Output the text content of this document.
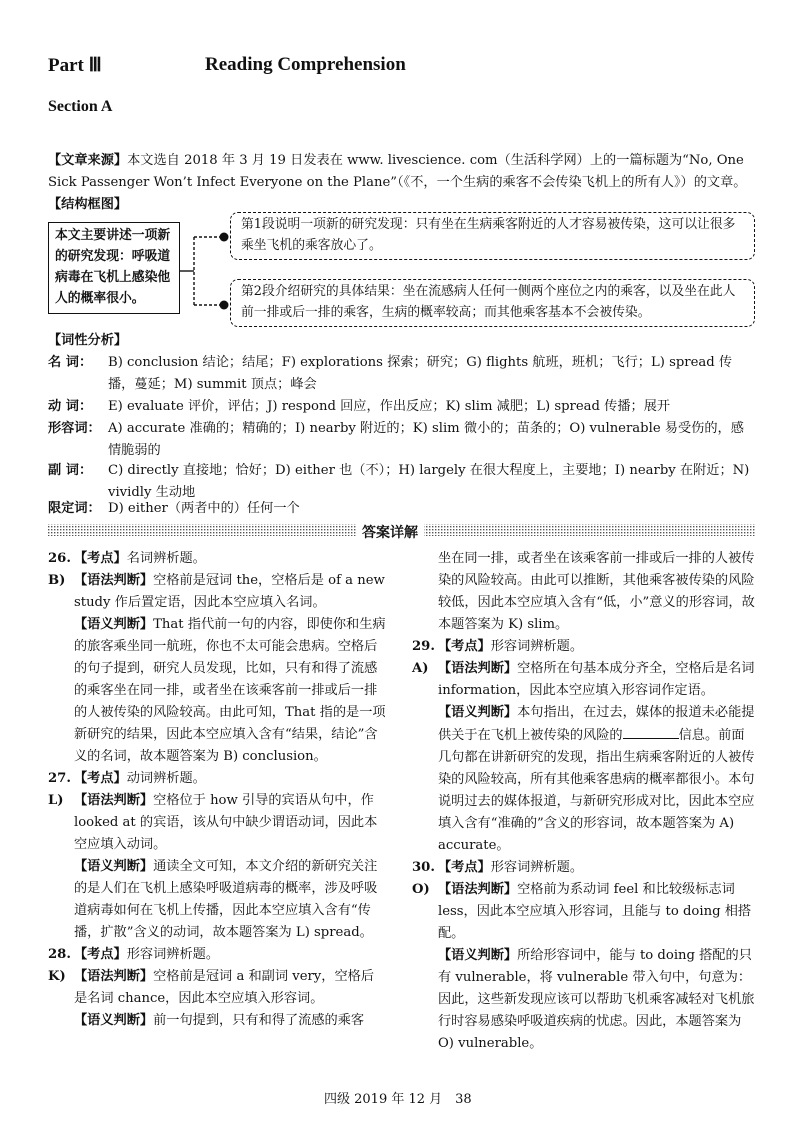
Part Ⅲ	Reading Comprehension
Section A
【文章来源】本文选自 2018 年 3 月 19 日发表在 www. livescience. com（生活科学网）上的一篇标题为“No, One Sick Passenger Won’t Infect Everyone on the Plane”（《不，一个生病的乘客不会传染飞机上的所有人》）的文章。
【结构框图】
本文主要讲述一项新的研究发现：呼吸道病毒在飞机上感染他人的概率很小。
第1段说明一项新的研究发现：只有坐在生病乘客附近的人才容易被传染，这可以让很多乘坐飞机的乘客放心了。
第2段介绍研究的具体结果：坐在流感病人任何一侧两个座位之内的乘客，以及坐在此人前一排或后一排的乘客，生病的概率较高；而其他乘客基本不会被传染。
【词性分析】
名 词： B) conclusion 结论；结尾；F) explorations 探索；研究；G) flights 航班，班机；飞行；L) spread 传播，蔓延；M) summit 顶点；峰会
动 词： E) evaluate 评价，评估；J) respond 回应，作出反应；K) slim 减肥；L) spread 传播；展开
形容词： A) accurate 准确的；精确的；I) nearby 附近的；K) slim 微小的；苗条的；O) vulnerable 易受伤的，感情脆弱的
副 词： C) directly 直接地；恰好；D) either 也（不）；H) largely 在很大程度上，主要地；I) nearby 在附近；N) vividly 生动地
限定词： D) either（两者中的）任何一个
答案详解
26. 【考点】名词辨析题。
B) 【语法判断】空格前是冠词 the，空格后是 of a new study 作后置定语，因此本空应填入名词。
【语义判断】That 指代前一句的内容，即使你和生病的旅客乘坐同一航班，你也不太可能会患病。空格后的句子提到，研究人员发现，比如，只有和得了流感的乘客坐在同一排，或者坐在该乘客前一排或后一排的人被传染的风险较高。由此可知，That 指的是一项新研究的结果，因此本空应填入含有“结果，结论”含义的名词，故本题答案为 B) conclusion。
27. 【考点】动词辨析题。
L) 【语法判断】空格位于 how 引导的宾语从句中，作 looked at 的宾语，该从句中缺少谓语动词，因此本空应填入动词。
【语义判断】通读全文可知，本文介绍的新研究关注的是人们在飞机上感染呼吸道病毒的概率，涉及呼吸道病毒如何在飞机上传播，因此本空应填入含有“传播，扩散”含义的动词，故本题答案为 L) spread。
28. 【考点】形容词辨析题。
K) 【语法判断】空格前是冠词 a 和副词 very，空格后是名词 chance，因此本空应填入形容词。
【语义判断】前一句提到，只有和得了流感的乘客
坐在同一排，或者坐在该乘客前一排或后一排的人被传染的风险较高。由此可以推断，其他乘客被传染的风险较低，因此本空应填入含有“低，小”意义的形容词，故本题答案为 K) slim。
29. 【考点】形容词辨析题。
A) 【语法判断】空格所在句基本成分齐全，空格后是名词 information，因此本空应填入形容词作定语。
【语义判断】本句指出，在过去，媒体的报道未必能提供关于在飞机上被传染的风险的	信息。前面几句都在讲新研究的发现，指出生病乘客附近的人被传染的风险较高，所有其他乘客患病的概率都很小。本句说明过去的媒体报道，与新研究形成对比，因此本空应填入含有“准确的”含义的形容词，故本题答案为 A) accurate。
30. 【考点】形容词辨析题。
O) 【语法判断】空格前为系动词 feel 和比较级标志词 less，因此本空应填入形容词，且能与 to doing 相搭配。
【语义判断】所给形容词中，能与 to doing 搭配的只有 vulnerable，将 vulnerable 带入句中，句意为：因此，这些新发现应该可以帮助飞机乘客减轻对飞机旅行时容易感染呼吸道疾病的忧虑。因此，本题答案为 O) vulnerable。
四级 2019 年 12 月　38
